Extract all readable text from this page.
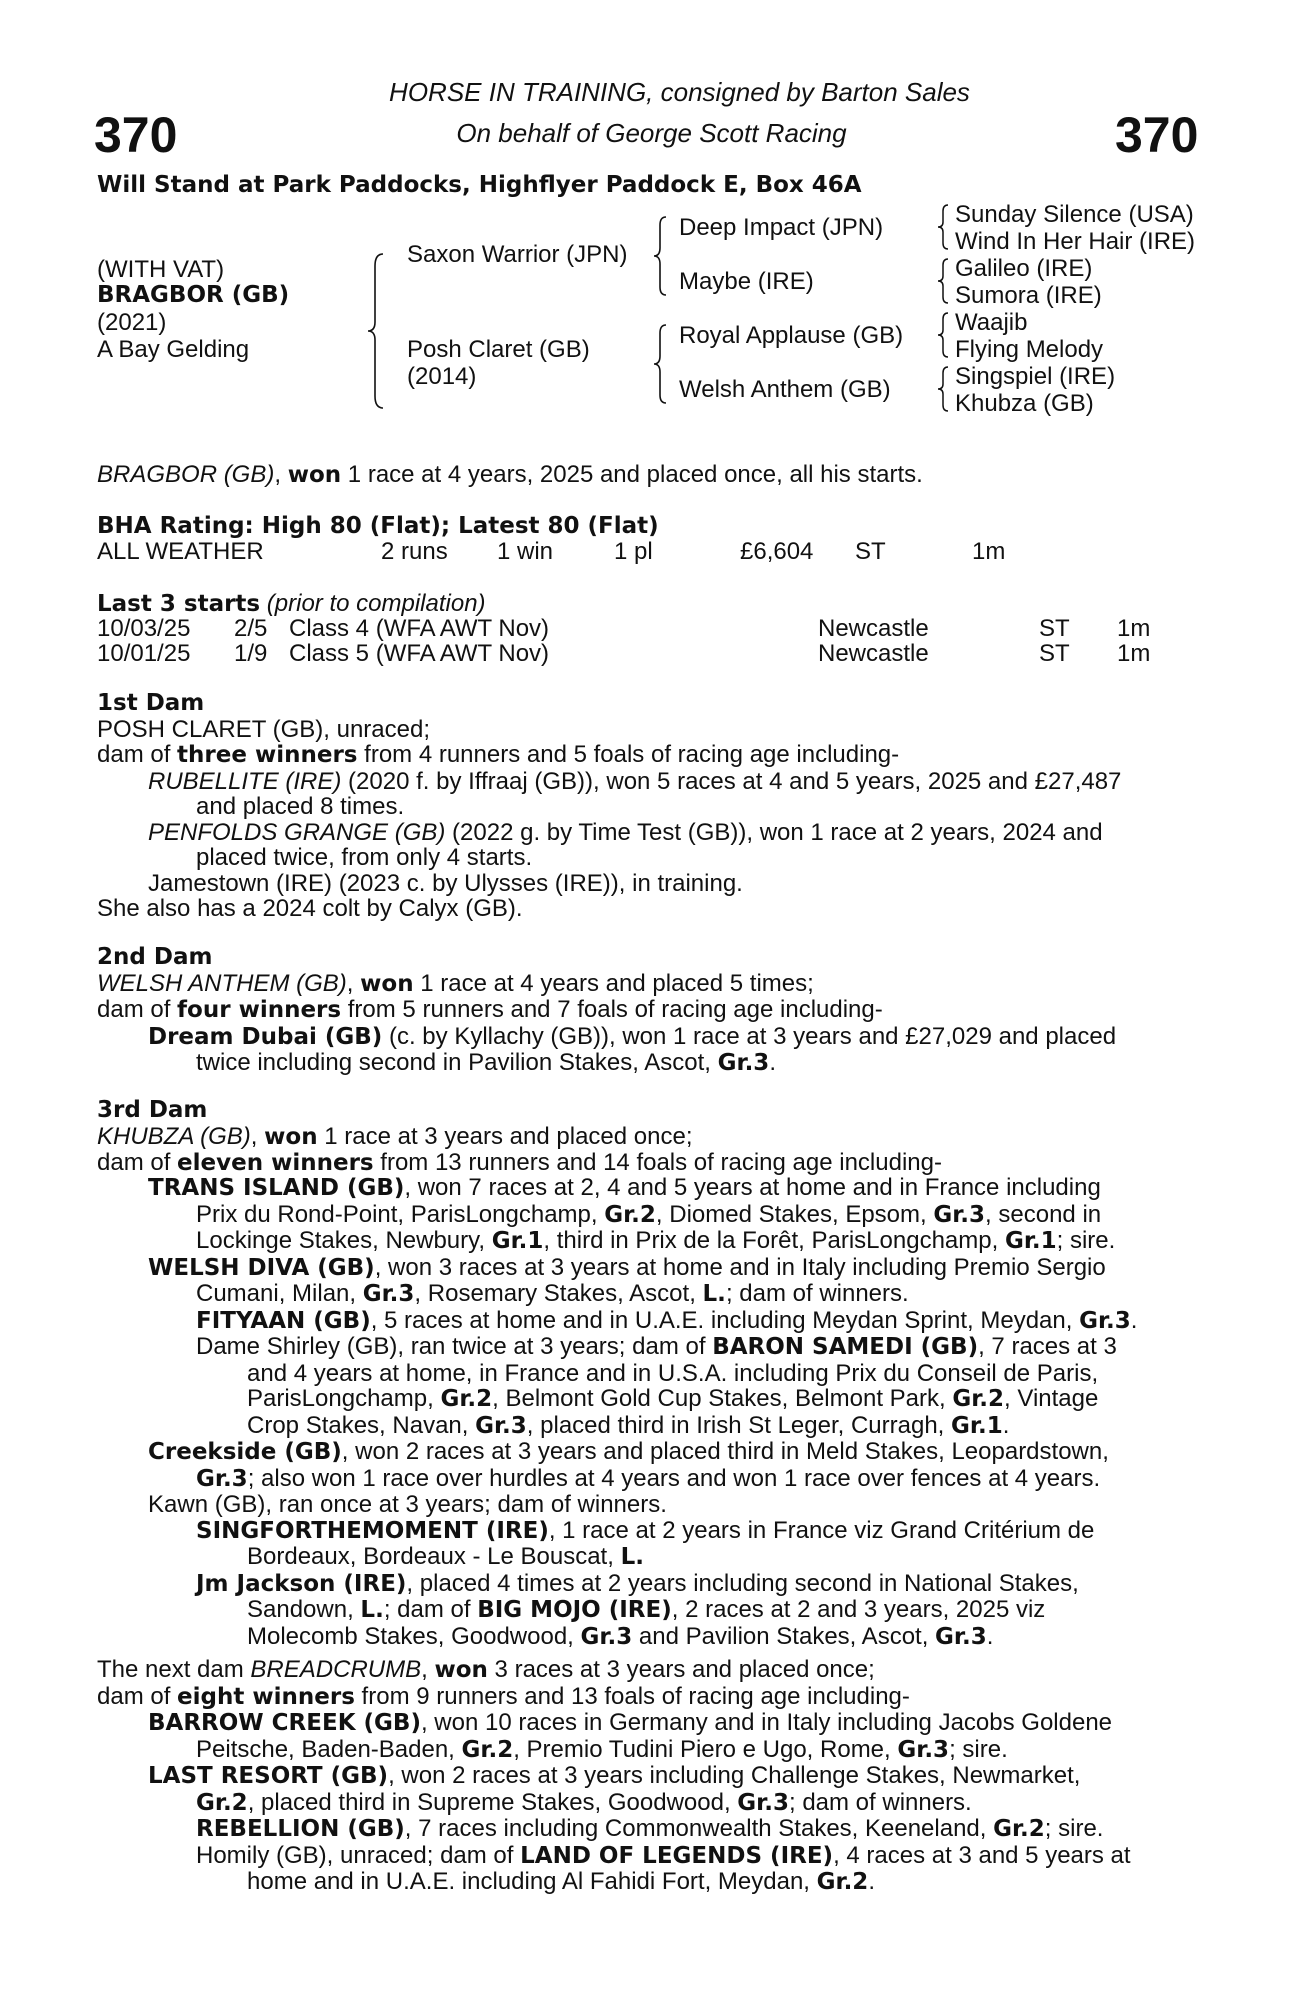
370	370
HORSE IN TRAINING, consigned by Barton Sales
On behalf of George Scott Racing
Will Stand at Park Paddocks, Highflyer Paddock E, Box 46A
(WITH VAT)
BRAGBOR (GB)
(2021)
A Bay Gelding
Saxon Warrior (JPN)
Posh Claret (GB)
(2014)
Deep Impact (JPN)
Maybe (IRE)
Royal Applause (GB)
Welsh Anthem (GB)
Sunday Silence (USA)
Wind In Her Hair (IRE)
Galileo (IRE)
Sumora (IRE)
Waajib
Flying Melody
Singspiel (IRE)
Khubza (GB)
BRAGBOR (GB), won 1 race at 4 years, 2025 and placed once, all his starts.
BHA Rating: High 80 (Flat); Latest 80 (Flat)
ALL WEATHER	2 runs 1 win	1 pl	£6,604 ST	1m
Last 3 starts (prior to compilation)
10/03/25 2/5 Class 4 (WFA AWT Nov)	Newcastle	ST 1m
10/01/25 1/9 Class 5 (WFA AWT Nov)	Newcastle	ST 1m
1st Dam
POSH CLARET (GB), unraced;
dam of three winners from 4 runners and 5 foals of racing age including-
RUBELLITE (IRE) (2020 f. by Iffraaj (GB)), won 5 races at 4 and 5 years, 2025 and £27,487
and placed 8 times.
PENFOLDS GRANGE (GB) (2022 g. by Time Test (GB)), won 1 race at 2 years, 2024 and
placed twice, from only 4 starts.
Jamestown (IRE) (2023 c. by Ulysses (IRE)), in training.
She also has a 2024 colt by Calyx (GB).
2nd Dam
WELSH ANTHEM (GB), won 1 race at 4 years and placed 5 times;
dam of four winners from 5 runners and 7 foals of racing age including-
Dream Dubai (GB) (c. by Kyllachy (GB)), won 1 race at 3 years and £27,029 and placed
twice including second in Pavilion Stakes, Ascot, Gr.3.
3rd Dam
KHUBZA (GB), won 1 race at 3 years and placed once;
dam of eleven winners from 13 runners and 14 foals of racing age including-
TRANS ISLAND (GB), won 7 races at 2, 4 and 5 years at home and in France including
Prix du Rond-Point, ParisLongchamp, Gr.2, Diomed Stakes, Epsom, Gr.3, second in
Lockinge Stakes, Newbury, Gr.1, third in Prix de la Forêt, ParisLongchamp, Gr.1; sire.
WELSH DIVA (GB), won 3 races at 3 years at home and in Italy including Premio Sergio
Cumani, Milan, Gr.3, Rosemary Stakes, Ascot, L.; dam of winners.
FITYAAN (GB), 5 races at home and in U.A.E. including Meydan Sprint, Meydan, Gr.3.
Dame Shirley (GB), ran twice at 3 years; dam of BARON SAMEDI (GB), 7 races at 3
and 4 years at home, in France and in U.S.A. including Prix du Conseil de Paris,
ParisLongchamp, Gr.2, Belmont Gold Cup Stakes, Belmont Park, Gr.2, Vintage
Crop Stakes, Navan, Gr.3, placed third in Irish St Leger, Curragh, Gr.1.
Creekside (GB), won 2 races at 3 years and placed third in Meld Stakes, Leopardstown,
Gr.3; also won 1 race over hurdles at 4 years and won 1 race over fences at 4 years.
Kawn (GB), ran once at 3 years; dam of winners.
SINGFORTHEMOMENT (IRE), 1 race at 2 years in France viz Grand Critérium de
Bordeaux, Bordeaux - Le Bouscat, L.
Jm Jackson (IRE), placed 4 times at 2 years including second in National Stakes,
Sandown, L.; dam of BIG MOJO (IRE), 2 races at 2 and 3 years, 2025 viz
Molecomb Stakes, Goodwood, Gr.3 and Pavilion Stakes, Ascot, Gr.3.
The next dam BREADCRUMB, won 3 races at 3 years and placed once;
dam of eight winners from 9 runners and 13 foals of racing age including-
BARROW CREEK (GB), won 10 races in Germany and in Italy including Jacobs Goldene
Peitsche, Baden-Baden, Gr.2, Premio Tudini Piero e Ugo, Rome, Gr.3; sire.
LAST RESORT (GB), won 2 races at 3 years including Challenge Stakes, Newmarket,
Gr.2, placed third in Supreme Stakes, Goodwood, Gr.3; dam of winners.
REBELLION (GB), 7 races including Commonwealth Stakes, Keeneland, Gr.2; sire.
Homily (GB), unraced; dam of LAND OF LEGENDS (IRE), 4 races at 3 and 5 years at
home and in U.A.E. including Al Fahidi Fort, Meydan, Gr.2.
